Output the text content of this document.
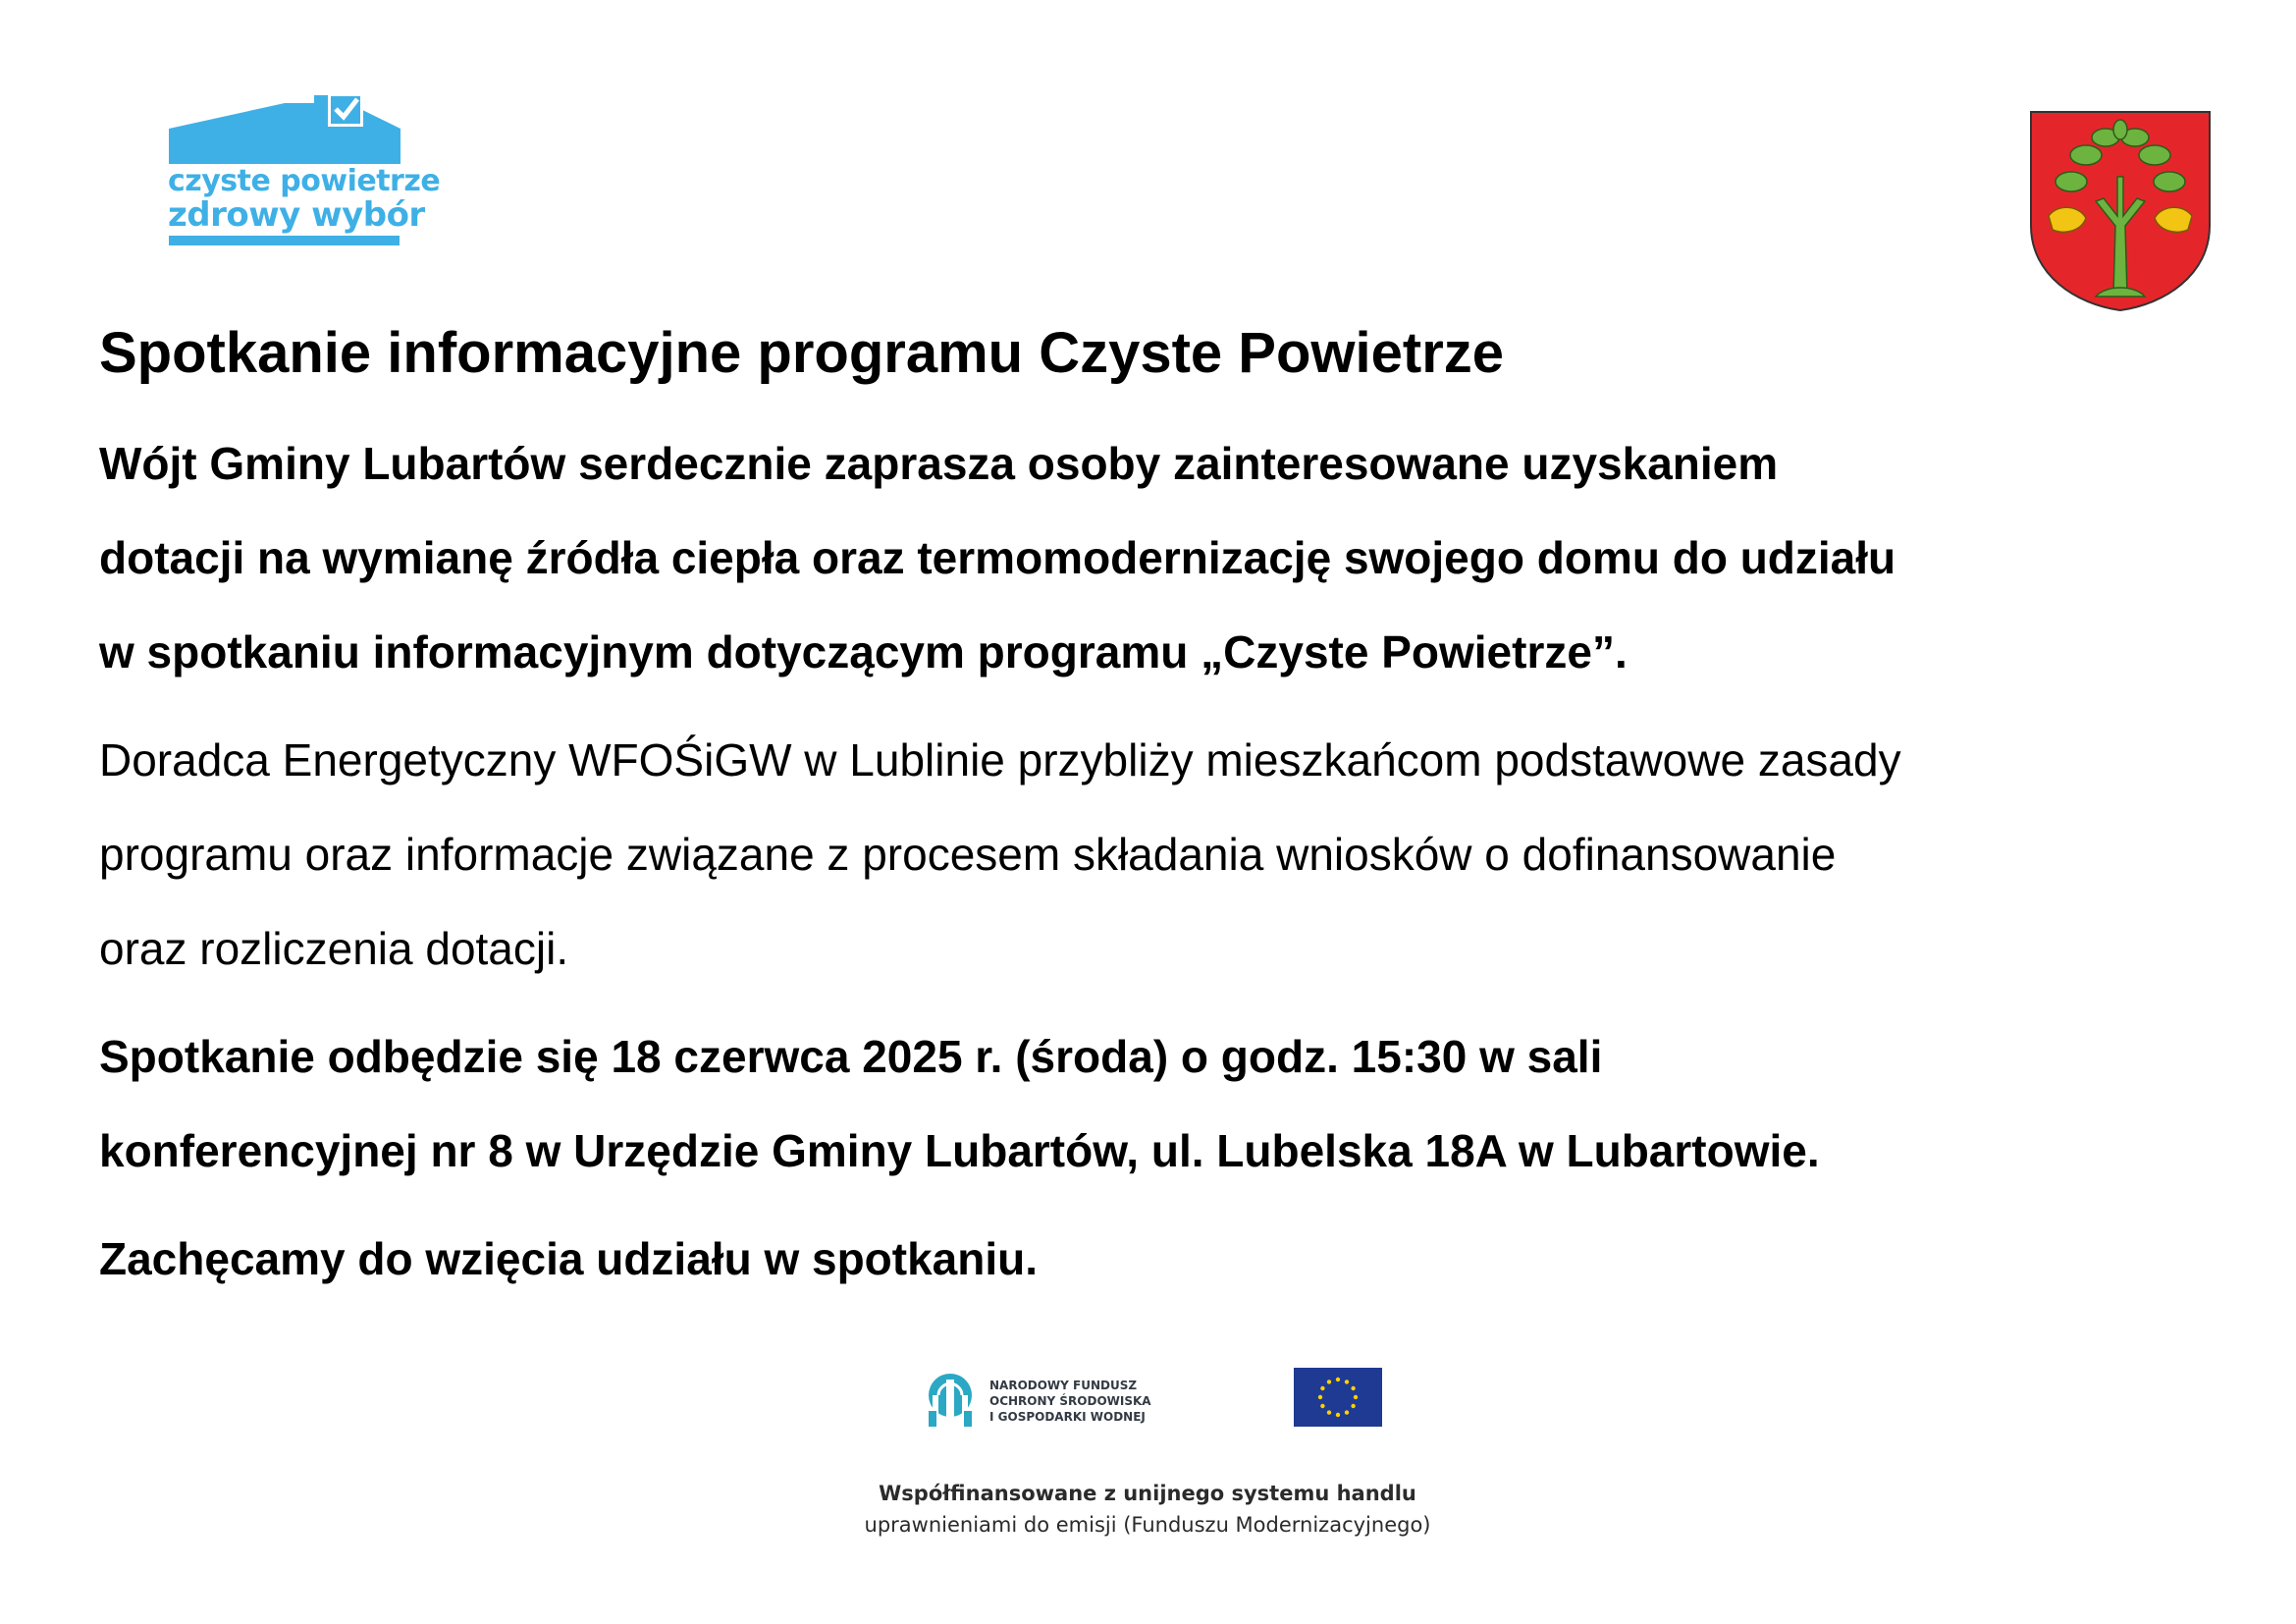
czyste powietrze
zdrowy wybór
Spotkanie informacyjne programu Czyste Powietrze

Wójt Gminy Lubartów serdecznie zaprasza osoby zainteresowane uzyskaniem

dotacji na wymianę źródła ciepła oraz termomodernizację swojego domu do udziału

w spotkaniu informacyjnym dotyczącym programu „Czyste Powietrze”.

Doradca Energetyczny WFOŚiGW w Lublinie przybliży mieszkańcom podstawowe zasady

programu oraz informacje związane z procesem składania wniosków o dofinansowanie

oraz rozliczenia dotacji.

Spotkanie odbędzie się 18 czerwca 2025 r. (środa) o godz. 15:30 w sali

konferencyjnej nr 8 w Urzędzie Gminy Lubartów, ul. Lubelska 18A w Lubartowie.

Zachęcamy do wzięcia udziału w spotkaniu.

NARODOWY FUNDUSZ
OCHRONY ŚRODOWISKA
I GOSPODARKI WODNEJ
Współfinansowane z unijnego systemu handlu
uprawnieniami do emisji (Funduszu Modernizacyjnego)
